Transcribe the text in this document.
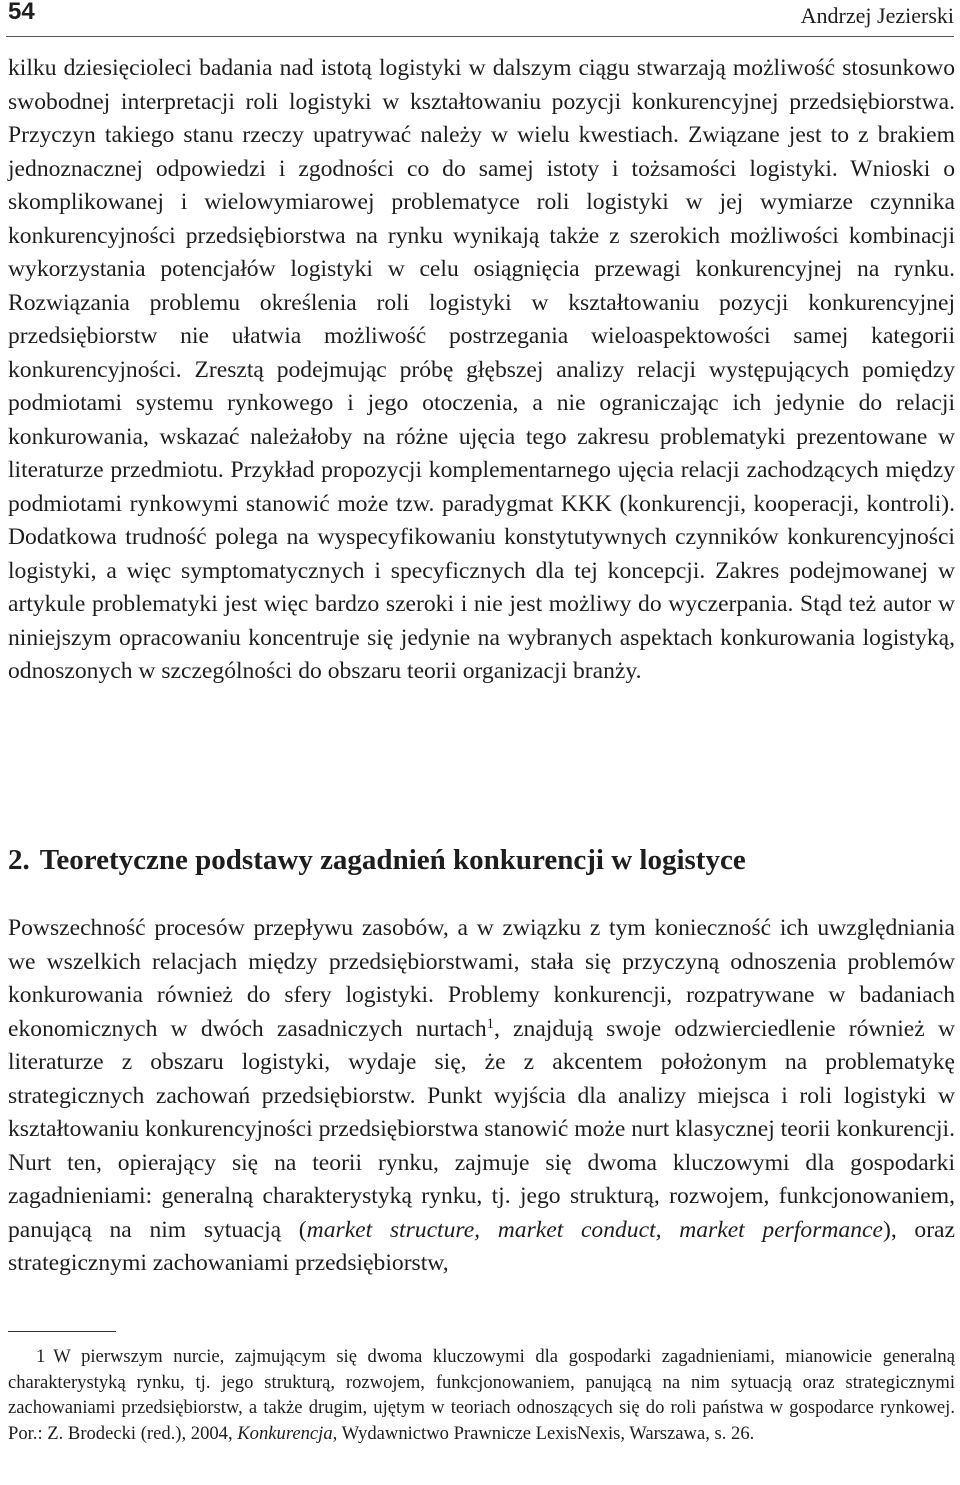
54	Andrzej Jezierski

kilku dziesięcioleci badania nad istotą logistyki w dalszym ciągu stwarzają możliwość stosunkowo swobodnej interpretacji roli logistyki w kształtowaniu pozycji konkurencyjnej przedsiębiorstwa. Przyczyn takiego stanu rzeczy upatrywać należy w wielu kwestiach. Związane jest to z brakiem jednoznacznej odpowiedzi i zgodności co do samej istoty i tożsamości logistyki. Wnioski o skomplikowanej i wielowymiarowej problematyce roli logistyki w jej wymiarze czynnika konkurencyjności przedsiębiorstwa na rynku wynikają także z szerokich możliwości kombinacji wykorzystania potencjałów logistyki w celu osiągnięcia przewagi konkurencyjnej na rynku. Rozwiązania problemu określenia roli logistyki w kształtowaniu pozycji konkurencyjnej przedsiębiorstw nie ułatwia możliwość postrzegania wieloaspektowości samej kategorii konkurencyjności. Zresztą podejmując próbę głębszej analizy relacji występujących pomiędzy podmiotami systemu rynkowego i jego otoczenia, a nie ograniczając ich jedynie do relacji konkurowania, wskazać należałoby na różne ujęcia tego zakresu problematyki prezentowane w literaturze przedmiotu. Przykład propozycji komplementarnego ujęcia relacji zachodzących między podmiotami rynkowymi stanowić może tzw. paradygmat KKK (konkurencji, kooperacji, kontroli). Dodatkowa trudność polega na wyspecyfikowaniu konstytutywnych czynników konkurencyjności logistyki, a więc symptomatycznych i specyficznych dla tej koncepcji. Zakres podejmowanej w artykule problematyki jest więc bardzo szeroki i nie jest możliwy do wyczerpania. Stąd też autor w niniejszym opracowaniu koncentruje się jedynie na wybranych aspektach konkurowania logistyką, odnoszonych w szczególności do obszaru teorii organizacji branży.

2. Teoretyczne podstawy zagadnień konkurencji w logistyce

Powszechność procesów przepływu zasobów, a w związku z tym konieczność ich uwzględniania we wszelkich relacjach między przedsiębiorstwami, stała się przyczyną odnoszenia problemów konkurowania również do sfery logistyki. Problemy konkurencji, rozpatrywane w badaniach ekonomicznych w dwóch zasadniczych nurtach$^1$, znajdują swoje odzwierciedlenie również w literaturze z obszaru logistyki, wydaje się, że z akcentem położonym na problematykę strategicznych zachowań przedsiębiorstw. Punkt wyjścia dla analizy miejsca i roli logistyki w kształtowaniu konkurencyjności przedsiębiorstwa stanowić może nurt klasycznej teorii konkurencji. Nurt ten, opierający się na teorii rynku, zajmuje się dwoma kluczowymi dla gospodarki zagadnieniami: generalną charakterystyką rynku, tj. jego strukturą, rozwojem, funkcjonowaniem, panującą na nim sytuacją (market structure, market conduct, market performance), oraz strategicznymi zachowaniami przedsiębiorstw,

1 W pierwszym nurcie, zajmującym się dwoma kluczowymi dla gospodarki zagadnieniami, mianowicie generalną charakterystyką rynku, tj. jego strukturą, rozwojem, funkcjonowaniem, panującą na nim sytuacją oraz strategicznymi zachowaniami przedsiębiorstw, a także drugim, ujętym w teoriach odnoszących się do roli państwa w gospodarce rynkowej. Por.: Z. Brodecki (red.), 2004, Konkurencja, Wydawnictwo Prawnicze LexisNexis, Warszawa, s. 26.
